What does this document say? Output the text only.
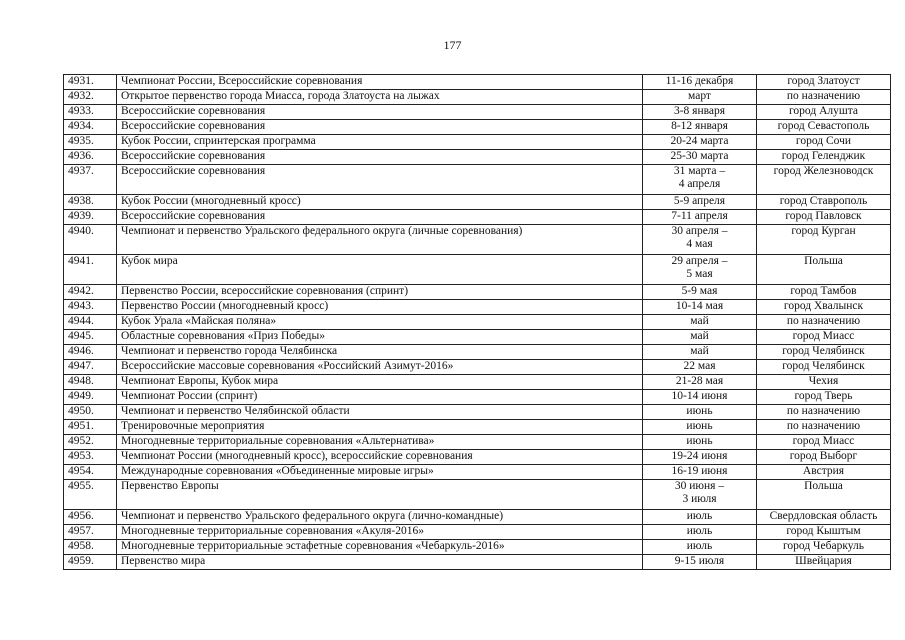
177
4931.	Чемпионат России, Всероссийские соревнования	11-16 декабря	город Златоуст
4932.	Открытое первенство города Миасса, города Златоуста на лыжах	март	по назначению
4933.	Всероссийские соревнования	3-8 января	город Алушта
4934.	Всероссийские соревнования	8-12 января	город Севастополь
4935.	Кубок России, спринтерская программа	20-24 марта	город Сочи
4936.	Всероссийские соревнования	25-30 марта	город Геленджик
4937.	Всероссийские соревнования	31 марта –
4 апреля	город Железноводск
4938.	Кубок России (многодневный кросс)	5-9 апреля	город Ставрополь
4939.	Всероссийские соревнования	7-11 апреля	город Павловск
4940.	Чемпионат и первенство Уральского федерального округа (личные соревнования)	30 апреля –
4 мая	город Курган
4941.	Кубок мира	29 апреля –
5 мая	Польша
4942.	Первенство России, всероссийские соревнования (спринт)	5-9 мая	город Тамбов
4943.	Первенство России (многодневный кросс)	10-14 мая	город Хвалынск
4944.	Кубок Урала «Майская поляна»	май	по назначению
4945.	Областные соревнования «Приз Победы»	май	город Миасс
4946.	Чемпионат и первенство города Челябинска	май	город Челябинск
4947.	Всероссийские массовые соревнования «Российский Азимут-2016»	22 мая	город Челябинск
4948.	Чемпионат Европы, Кубок мира	21-28 мая	Чехия
4949.	Чемпионат России (спринт)	10-14 июня	город Тверь
4950.	Чемпионат и первенство Челябинской области	июнь	по назначению
4951.	Тренировочные мероприятия	июнь	по назначению
4952.	Многодневные территориальные соревнования «Альтернатива»	июнь	город Миасс
4953.	Чемпионат России (многодневный кросс), всероссийские соревнования	19-24 июня	город Выборг
4954.	Международные соревнования «Объединенные мировые игры»	16-19 июня	Австрия
4955.	Первенство Европы	30 июня –
3 июля	Польша
4956.	Чемпионат и первенство Уральского федерального округа (лично-командные)	июль	Свердловская область
4957.	Многодневные территориальные соревнования «Акуля-2016»	июль	город Кыштым
4958.	Многодневные территориальные эстафетные соревнования «Чебаркуль-2016»	июль	город Чебаркуль
4959.	Первенство мира	9-15 июля	Швейцария
